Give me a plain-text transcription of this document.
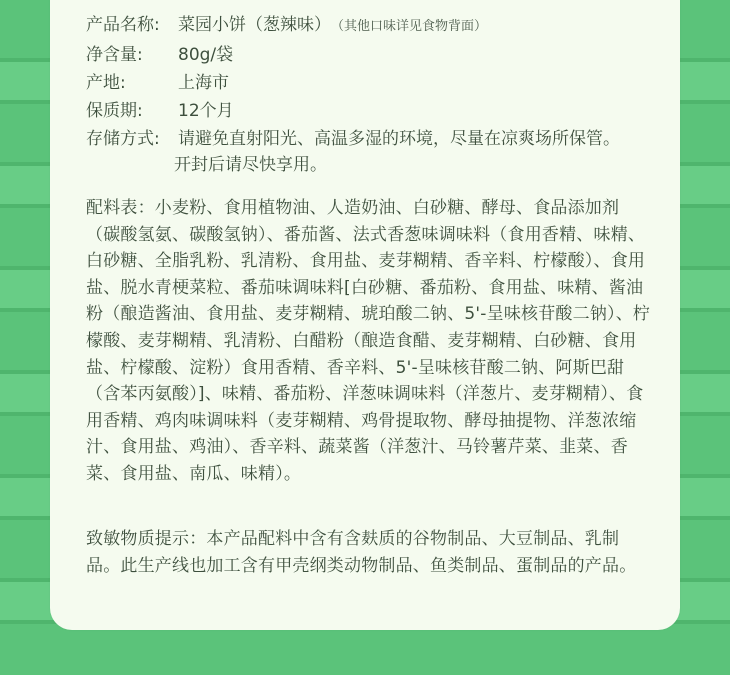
产品名称: 菜园小饼（葱辣味）（其他口味详见食物背面）
净含量: 80g/袋
产地:	上海市
保质期: 12个月
存储方式: 请避免直射阳光、高温多湿的环境，尽量在凉爽场所保管。
开封后请尽快享用。
配料表：小麦粉、食用植物油、人造奶油、白砂糖、酵母、食品添加剂（碳酸氢氨、碳酸氢钠）、番茄酱、法式香葱味调味料（食用香精、味精、白砂糖、全脂乳粉、乳清粉、食用盐、麦芽糊精、香辛料、柠檬酸）、食用盐、脱水青梗菜粒、番茄味调味料[白砂糖、番茄粉、食用盐、味精、酱油粉（酿造酱油、食用盐、麦芽糊精、琥珀酸二钠、5'-呈味核苷酸二钠）、柠檬酸、麦芽糊精、乳清粉、白醋粉（酿造食醋、麦芽糊精、白砂糖、食用盐、柠檬酸、淀粉）食用香精、香辛料、5'-呈味核苷酸二钠、阿斯巴甜（含苯丙氨酸）]、味精、番茄粉、洋葱味调味料（洋葱片、麦芽糊精）、食用香精、鸡肉味调味料（麦芽糊精、鸡骨提取物、酵母抽提物、洋葱浓缩汁、食用盐、鸡油）、香辛料、蔬菜酱（洋葱汁、马铃薯芹菜、韭菜、香菜、食用盐、南瓜、味精）。
致敏物质提示：本产品配料中含有含麸质的谷物制品、大豆制品、乳制品。此生产线也加工含有甲壳纲类动物制品、鱼类制品、蛋制品的产品。
